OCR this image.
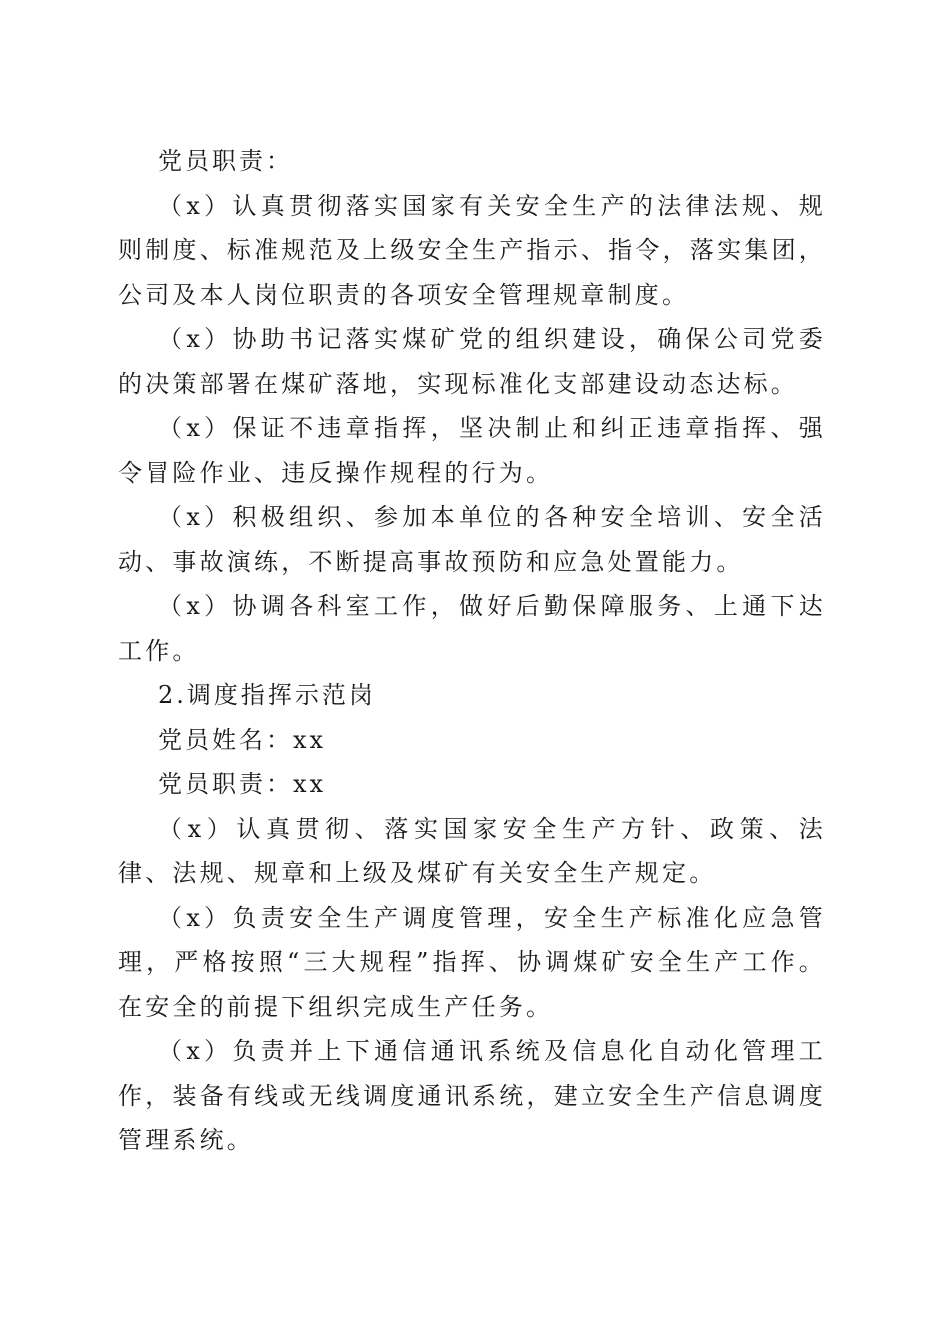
党员职责：

（x）认真贯彻落实国家有关安全生产的法律法规、规则制度、标准规范及上级安全生产指示、指令，落实集团，公司及本人岗位职责的各项安全管理规章制度。

（x）协助书记落实煤矿党的组织建设，确保公司党委的决策部署在煤矿落地，实现标准化支部建设动态达标。

（x）保证不违章指挥，坚决制止和纠正违章指挥、强令冒险作业、违反操作规程的行为。

（x）积极组织、参加本单位的各种安全培训、安全活动、事故演练，不断提高事故预防和应急处置能力。

（x）协调各科室工作，做好后勤保障服务、上通下达工作。

2.调度指挥示范岗

党员姓名：xx

党员职责：xx

（x）认真贯彻、落实国家安全生产方针、政策、法律、法规、规章和上级及煤矿有关安全生产规定。

（x）负责安全生产调度管理，安全生产标准化应急管理，严格按照“三大规程”指挥、协调煤矿安全生产工作。在安全的前提下组织完成生产任务。

（x）负责并上下通信通讯系统及信息化自动化管理工作，装备有线或无线调度通讯系统，建立安全生产信息调度管理系统。
